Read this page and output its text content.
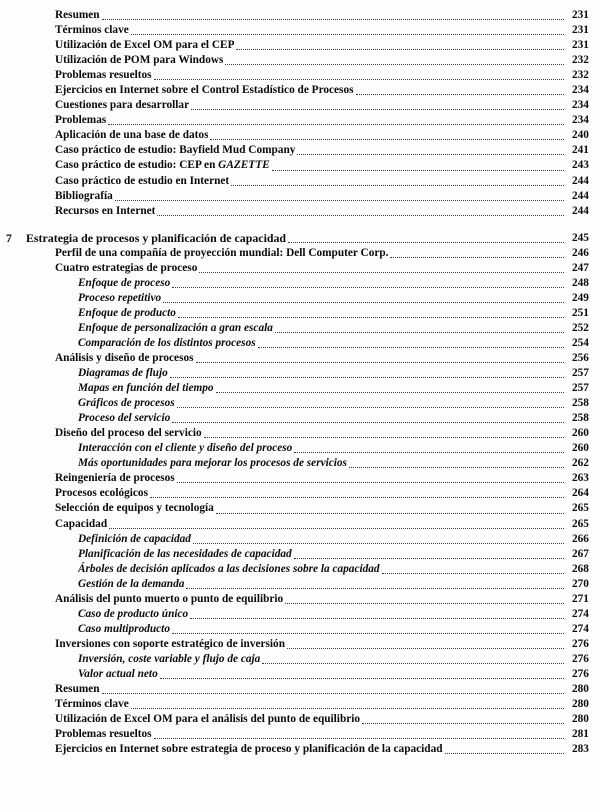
Resumen	231
Términos clave	231
Utilización de Excel OM para el CEP	231
Utilización de POM para Windows	232
Problemas resueltos	232
Ejercicios en Internet sobre el Control Estadístico de Procesos	234
Cuestiones para desarrollar	234
Problemas	234
Aplicación de una base de datos	240
Caso práctico de estudio: Bayfield Mud Company	241
Caso práctico de estudio: CEP en GAZETTE	243
Caso práctico de estudio en Internet	244
Bibliografía	244
Recursos en Internet	244
7	Estrategia de procesos y planificación de capacidad	245
Perfil de una compañía de proyección mundial: Dell Computer Corp.	246
Cuatro estrategias de proceso	247
Enfoque de proceso	248
Proceso repetitivo	249
Enfoque de producto	251
Enfoque de personalización a gran escala	252
Comparación de los distintos procesos	254
Análisis y diseño de procesos	256
Diagramas de flujo	257
Mapas en función del tiempo	257
Gráficos de procesos	258
Proceso del servicio	258
Diseño del proceso del servicio	260
Interacción con el cliente y diseño del proceso	260
Más oportunidades para mejorar los procesos de servicios	262
Reingeniería de procesos	263
Procesos ecológicos	264
Selección de equipos y tecnología	265
Capacidad	265
Definición de capacidad	266
Planificación de las necesidades de capacidad	267
Árboles de decisión aplicados a las decisiones sobre la capacidad	268
Gestión de la demanda	270
Análisis del punto muerto o punto de equilibrio	271
Caso de producto único	274
Caso multiproducto	274
Inversiones con soporte estratégico de inversión	276
Inversión, coste variable y flujo de caja	276
Valor actual neto	276
Resumen	280
Términos clave	280
Utilización de Excel OM para el análisis del punto de equilibrio	280
Problemas resueltos	281
Ejercicios en Internet sobre estrategia de proceso y planificación de la capacidad	283
